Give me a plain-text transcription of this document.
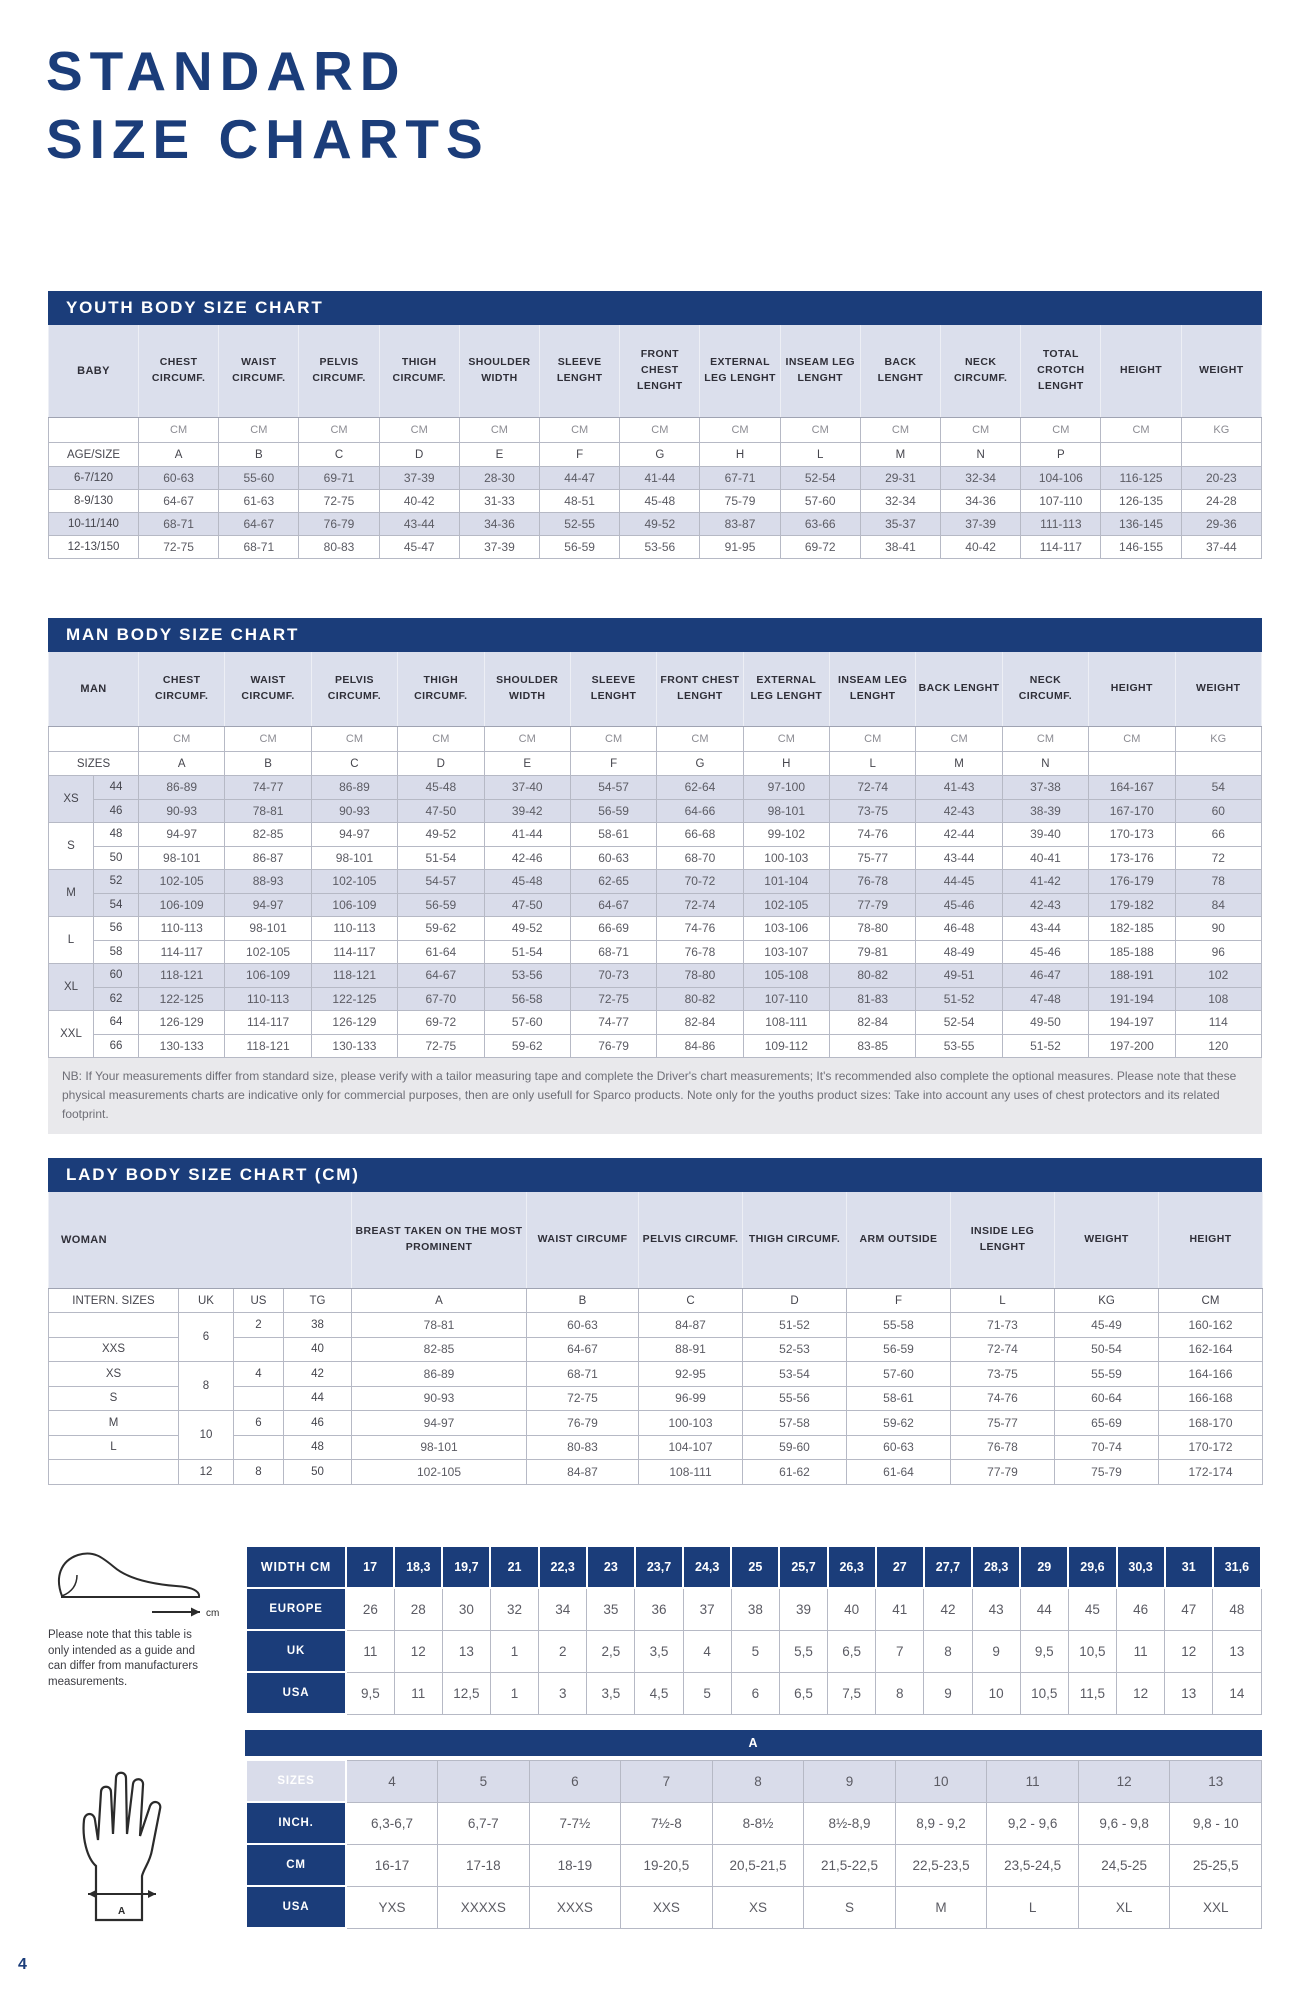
STANDARD
SIZE CHARTS
YOUTH BODY SIZE CHART
BABY	CHEST CIRCUMF.	WAIST CIRCUMF.	PELVIS CIRCUMF.	THIGH CIRCUMF.	SHOULDER WIDTH	SLEEVE LENGHT	FRONT CHEST LENGHT	EXTERNAL LEG LENGHT	INSEAM LEG LENGHT	BACK LENGHT	NECK CIRCUMF.	TOTAL CROTCH LENGHT	HEIGHT	WEIGHT
	CM	CM	CM	CM	CM	CM	CM	CM	CM	CM	CM	CM	CM	KG
AGE/SIZE	A	B	C	D	E	F	G	H	L	M	N	P		
6-7/120	60-63	55-60	69-71	37-39	28-30	44-47	41-44	67-71	52-54	29-31	32-34	104-106	116-125	20-23
8-9/130	64-67	61-63	72-75	40-42	31-33	48-51	45-48	75-79	57-60	32-34	34-36	107-110	126-135	24-28
10-11/140	68-71	64-67	76-79	43-44	34-36	52-55	49-52	83-87	63-66	35-37	37-39	111-113	136-145	29-36
12-13/150	72-75	68-71	80-83	45-47	37-39	56-59	53-56	91-95	69-72	38-41	40-42	114-117	146-155	37-44
MAN BODY SIZE CHART
MAN		CHEST CIRCUMF.	WAIST CIRCUMF.	PELVIS CIRCUMF.	THIGH CIRCUMF.	SHOULDER WIDTH	SLEEVE LENGHT	FRONT CHEST LENGHT	EXTERNAL LEG LENGHT	INSEAM LEG LENGHT	BACK LENGHT	NECK CIRCUMF.	HEIGHT	WEIGHT
		CM	CM	CM	CM	CM	CM	CM	CM	CM	CM	CM	CM	KG
SIZES		A	B	C	D	E	F	G	H	L	M	N		
XS	44	86-89	74-77	86-89	45-48	37-40	54-57	62-64	97-100	72-74	41-43	37-38	164-167	54
	46	90-93	78-81	90-93	47-50	39-42	56-59	64-66	98-101	73-75	42-43	38-39	167-170	60
S	48	94-97	82-85	94-97	49-52	41-44	58-61	66-68	99-102	74-76	42-44	39-40	170-173	66
	50	98-101	86-87	98-101	51-54	42-46	60-63	68-70	100-103	75-77	43-44	40-41	173-176	72
M	52	102-105	88-93	102-105	54-57	45-48	62-65	70-72	101-104	76-78	44-45	41-42	176-179	78
	54	106-109	94-97	106-109	56-59	47-50	64-67	72-74	102-105	77-79	45-46	42-43	179-182	84
L	56	110-113	98-101	110-113	59-62	49-52	66-69	74-76	103-106	78-80	46-48	43-44	182-185	90
	58	114-117	102-105	114-117	61-64	51-54	68-71	76-78	103-107	79-81	48-49	45-46	185-188	96
XL	60	118-121	106-109	118-121	64-67	53-56	70-73	78-80	105-108	80-82	49-51	46-47	188-191	102
	62	122-125	110-113	122-125	67-70	56-58	72-75	80-82	107-110	81-83	51-52	47-48	191-194	108
XXL	64	126-129	114-117	126-129	69-72	57-60	74-77	82-84	108-111	82-84	52-54	49-50	194-197	114
	66	130-133	118-121	130-133	72-75	59-62	76-79	84-86	109-112	83-85	53-55	51-52	197-200	120
NB: If Your measurements differ from standard size, please verify with a tailor measuring tape and complete the Driver's chart measurements; It's recommended also complete the optional measures. Please note that these physical measurements charts are indicative only for commercial purposes, then are only usefull for Sparco products. Note only for the youths product sizes: Take into account any uses of chest protectors and its related footprint.
LADY BODY SIZE CHART (CM)
WOMAN				BREAST TAKEN ON THE MOST PROMINENT	WAIST CIRCUMF	PELVIS CIRCUMF.	THIGH CIRCUMF.	ARM OUTSIDE	INSIDE LEG LENGHT	WEIGHT	HEIGHT
INTERN. SIZES	UK	US	TG	A	B	C	D	F	L	KG	CM
	6	2	38	78-81	60-63	84-87	51-52	55-58	71-73	45-49	160-162
XXS			40	82-85	64-67	88-91	52-53	56-59	72-74	50-54	162-164
XS	8	4	42	86-89	68-71	92-95	53-54	57-60	73-75	55-59	164-166
S			44	90-93	72-75	96-99	55-56	58-61	74-76	60-64	166-168
M	10	6	46	94-97	76-79	100-103	57-58	59-62	75-77	65-69	168-170
L			48	98-101	80-83	104-107	59-60	60-63	76-78	70-74	170-172
	12	8	50	102-105	84-87	108-111	61-62	61-64	77-79	75-79	172-174
cm
Please note that this table is only intended as a guide and can differ from manufacturers measurements.
WIDTH CM	17	18,3	19,7	21	22,3	23	23,7	24,3	25	25,7	26,3	27	27,7	28,3	29	29,6	30,3	31	31,6
EUROPE	26	28	30	32	34	35	36	37	38	39	40	41	42	43	44	45	46	47	48
UK	11	12	13	1	2	2,5	3,5	4	5	5,5	6,5	7	8	9	9,5	10,5	11	12	13
USA	9,5	11	12,5	1	3	3,5	4,5	5	6	6,5	7,5	8	9	10	10,5	11,5	12	13	14
A
A
SIZES	4	5	6	7	8	9	10	11	12	13
INCH.	6,3-6,7	6,7-7	7-7½	7½-8	8-8½	8½-8,9	8,9 - 9,2	9,2 - 9,6	9,6 - 9,8	9,8 - 10
CM	16-17	17-18	18-19	19-20,5	20,5-21,5	21,5-22,5	22,5-23,5	23,5-24,5	24,5-25	25-25,5
USA	YXS	XXXXS	XXXS	XXS	XS	S	M	L	XL	XXL
4
